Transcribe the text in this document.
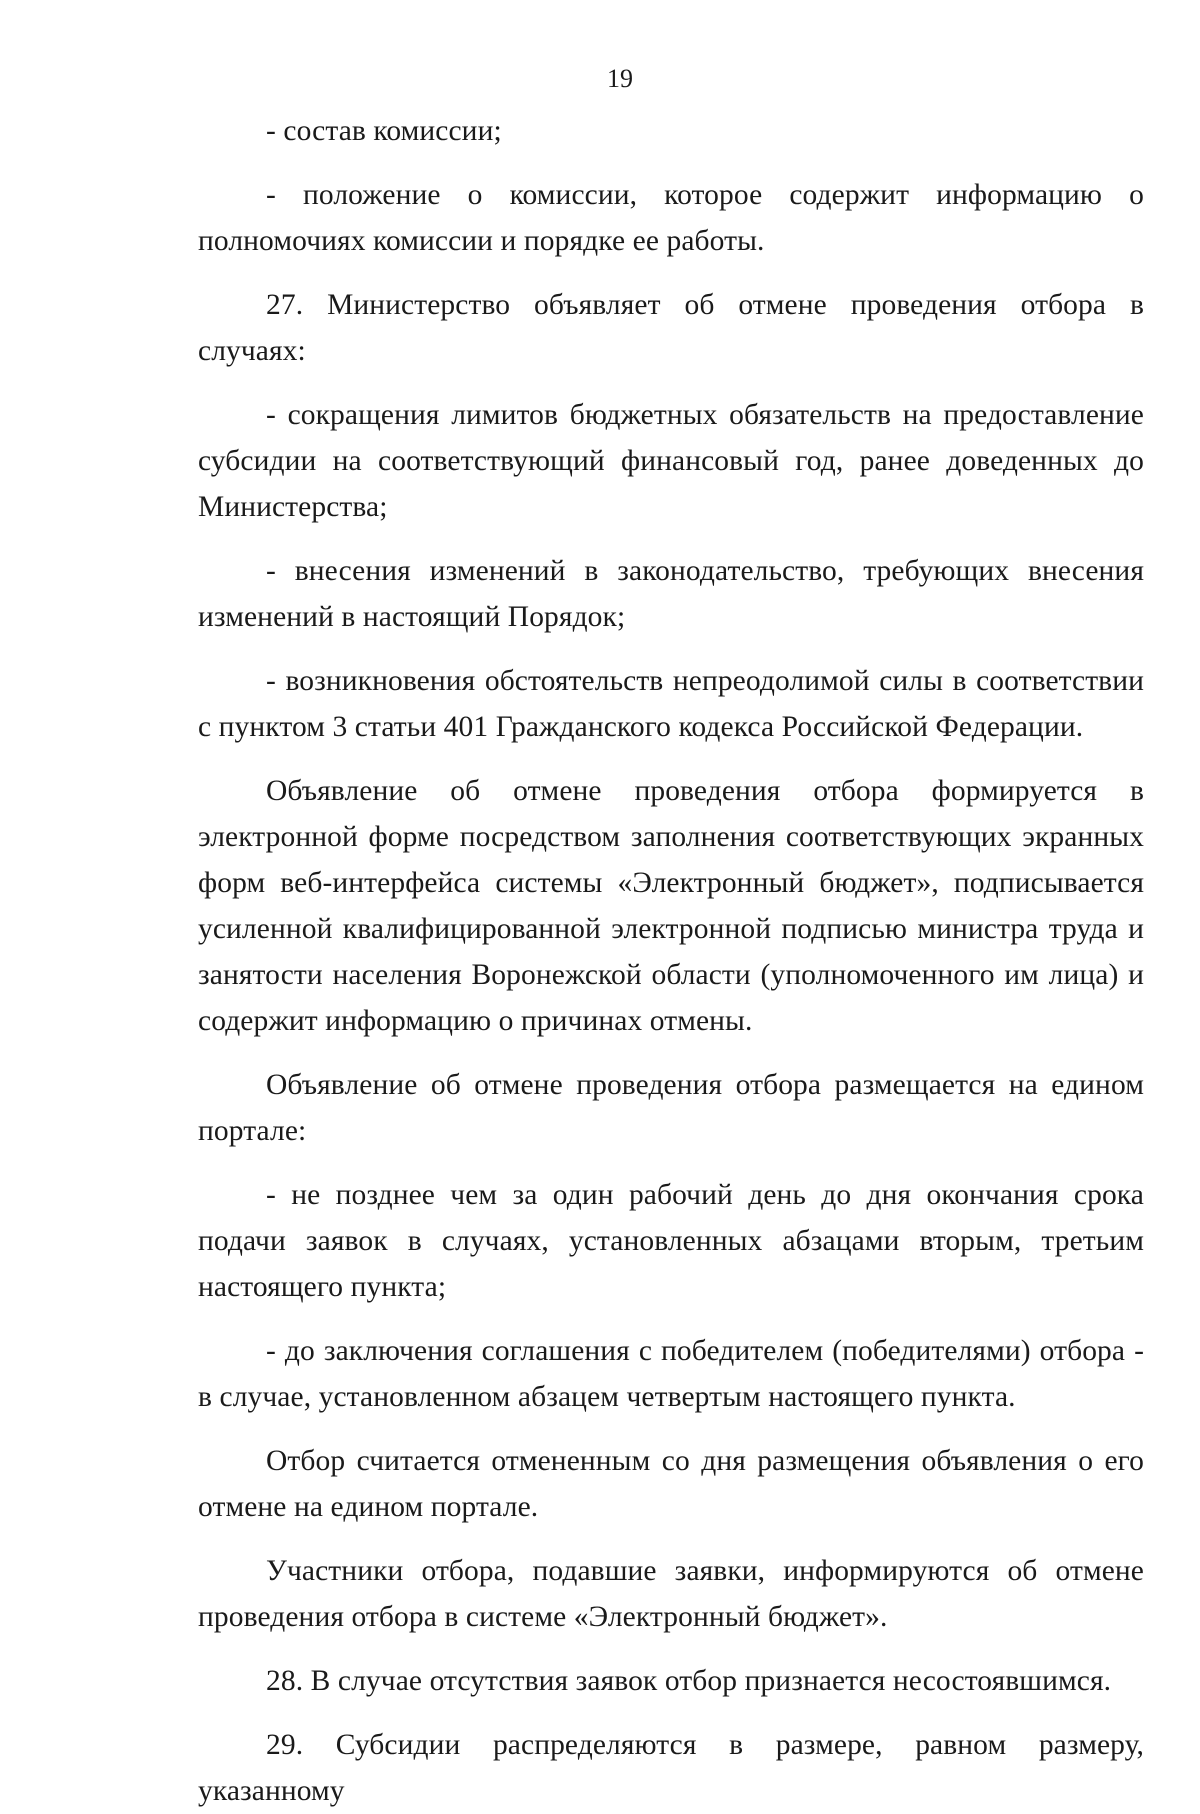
19

- состав комиссии;

- положение о комиссии, которое содержит информацию о полномочиях комиссии и порядке ее работы.

27. Министерство объявляет об отмене проведения отбора в случаях:

- сокращения лимитов бюджетных обязательств на предоставление субсидии на соответствующий финансовый год, ранее доведенных до Министерства;

- внесения изменений в законодательство, требующих внесения изменений в настоящий Порядок;

- возникновения обстоятельств непреодолимой силы в соответствии с пунктом 3 статьи 401 Гражданского кодекса Российской Федерации.

Объявление об отмене проведения отбора формируется в электронной форме посредством заполнения соответствующих экранных форм веб-интерфейса системы «Электронный бюджет», подписывается усиленной квалифицированной электронной подписью министра труда и занятости населения Воронежской области (уполномоченного им лица) и содержит информацию о причинах отмены.

Объявление об отмене проведения отбора размещается на едином портале:

- не позднее чем за один рабочий день до дня окончания срока подачи заявок в случаях, установленных абзацами вторым, третьим настоящего пункта;

- до заключения соглашения с победителем (победителями) отбора - в случае, установленном абзацем четвертым настоящего пункта.

Отбор считается отмененным со дня размещения объявления о его отмене на едином портале.

Участники отбора, подавшие заявки, информируются об отмене проведения отбора в системе «Электронный бюджет».

28. В случае отсутствия заявок отбор признается несостоявшимся.

29. Субсидии распределяются в размере, равном размеру, указанному
